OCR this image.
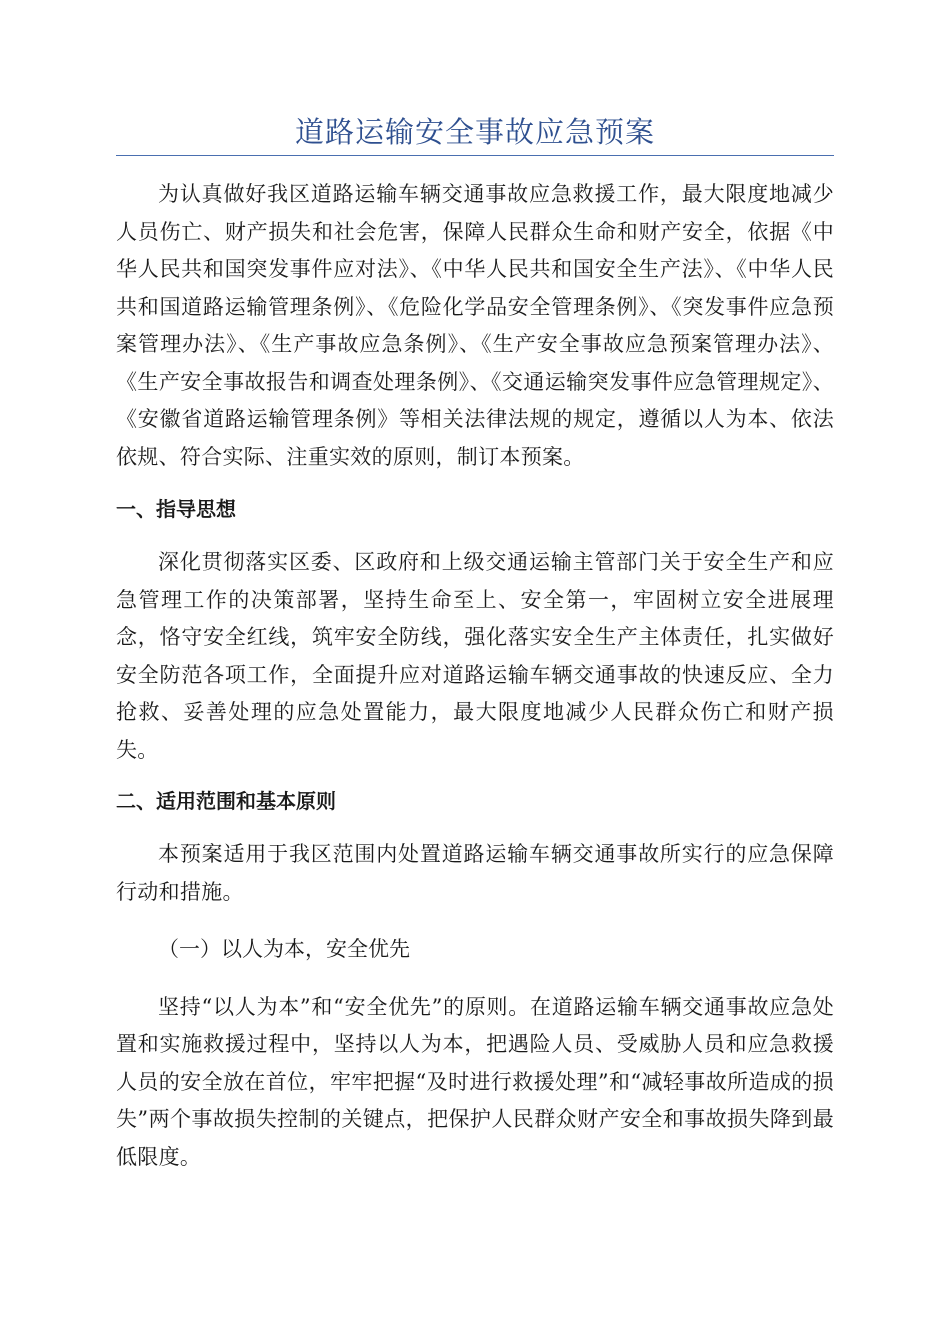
道路运输安全事故应急预案

为认真做好我区道路运输车辆交通事故应急救援工作，最大限度地减少人员伤亡、财产损失和社会危害，保障人民群众生命和财产安全，依据《中华人民共和国突发事件应对法》、《中华人民共和国安全生产法》、《中华人民共和国道路运输管理条例》、《危险化学品安全管理条例》、《突发事件应急预案管理办法》、《生产事故应急条例》、《生产安全事故应急预案管理办法》、《生产安全事故报告和调查处理条例》、《交通运输突发事件应急管理规定》、《安徽省道路运输管理条例》等相关法律法规的规定，遵循以人为本、依法依规、符合实际、注重实效的原则，制订本预案。

一、指导思想

深化贯彻落实区委、区政府和上级交通运输主管部门关于安全生产和应急管理工作的决策部署，坚持生命至上、安全第一，牢固树立安全进展理念，恪守安全红线，筑牢安全防线，强化落实安全生产主体责任，扎实做好安全防范各项工作，全面提升应对道路运输车辆交通事故的快速反应、全力抢救、妥善处理的应急处置能力，最大限度地减少人民群众伤亡和财产损失。

二、适用范围和基本原则

本预案适用于我区范围内处置道路运输车辆交通事故所实行的应急保障行动和措施。

（一）以人为本，安全优先

坚持“以人为本”和“安全优先”的原则。在道路运输车辆交通事故应急处置和实施救援过程中，坚持以人为本，把遇险人员、受威胁人员和应急救援人员的安全放在首位，牢牢把握“及时进行救援处理”和“减轻事故所造成的损失”两个事故损失控制的关键点，把保护人民群众财产安全和事故损失降到最低限度。
